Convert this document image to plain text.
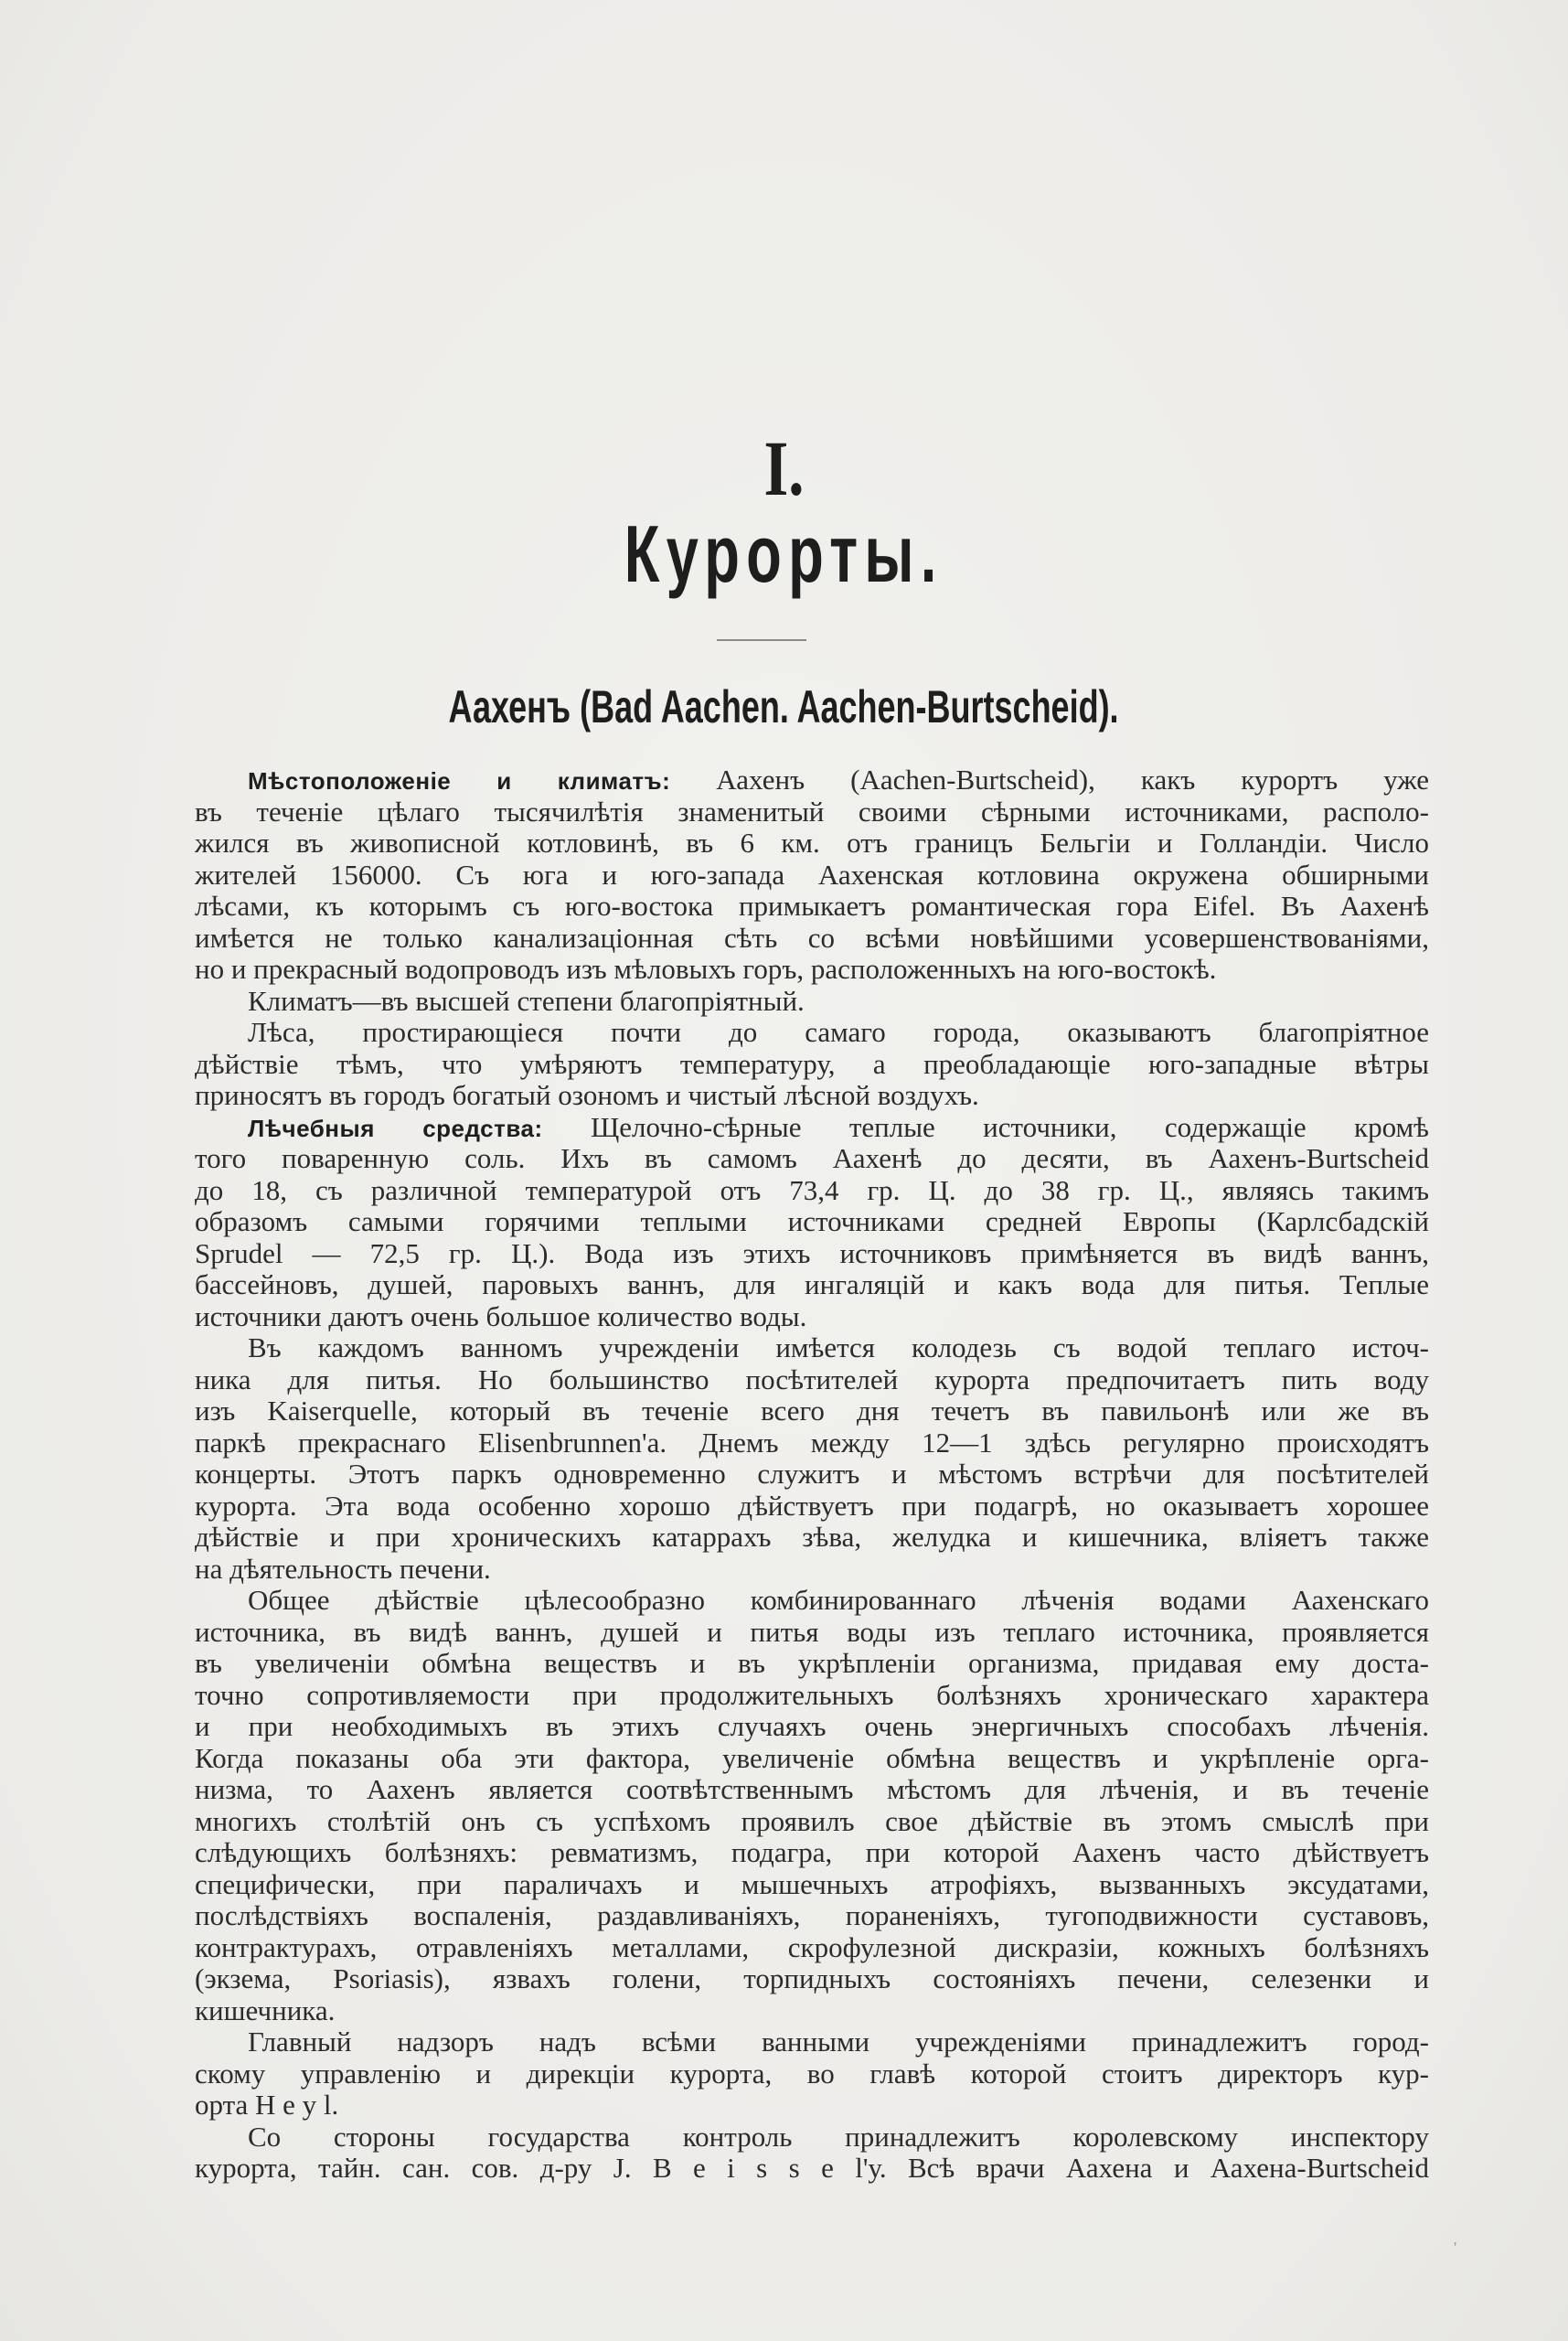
I.
Курорты.
Аахенъ (Bad Aachen. Aachen-Burtscheid).
Мѣстоположеніе и климатъ: Аахенъ (Aachen-Burtscheid), какъ курортъ уже
въ теченіе цѣлаго тысячилѣтія знаменитый своими сѣрными источниками, располо-
жился въ живописной котловинѣ, въ 6 км. отъ границъ Бельгіи и Голландіи. Число
жителей 156000. Съ юга и юго-запада Аахенская котловина окружена обширными
лѣсами, къ которымъ съ юго-востока примыкаетъ романтическая гора Eifel. Въ Аахенѣ
имѣется не только канализаціонная сѣть со всѣми новѣйшими усовершенствованіями,
но и прекрасный водопроводъ изъ мѣловыхъ горъ, расположенныхъ на юго-востокѣ.
Климатъ—въ высшей степени благопріятный.
Лѣса, простирающіеся почти до самаго города, оказываютъ благопріятное
дѣйствіе тѣмъ, что умѣряютъ температуру, а преобладающіе юго-западные вѣтры
приносятъ въ городъ богатый озономъ и чистый лѣсной воздухъ.
Лѣчебныя средства: Щелочно-сѣрные теплые источники, содержащіе кромѣ
того поваренную соль. Ихъ въ самомъ Аахенѣ до десяти, въ Аахенъ-Burtscheid
до 18, съ различной температурой отъ 73,4 гр. Ц. до 38 гр. Ц., являясь такимъ
образомъ самыми горячими теплыми источниками средней Европы (Карлсбадскій
Sprudel — 72,5 гр. Ц.). Вода изъ этихъ источниковъ примѣняется въ видѣ ваннъ,
бассейновъ, душей, паровыхъ ваннъ, для ингаляцій и какъ вода для питья. Теплые
источники даютъ очень большое количество воды.
Въ каждомъ ванномъ учрежденіи имѣется колодезь съ водой теплаго источ-
ника для питья. Но большинство посѣтителей курорта предпочитаетъ пить воду
изъ Kaiserquelle, который въ теченіе всего дня течетъ въ павильонѣ или же въ
паркѣ прекраснаго Elisenbrunnen'а. Днемъ между 12—1 здѣсь регулярно происходятъ
концерты. Этотъ паркъ одновременно служитъ и мѣстомъ встрѣчи для посѣтителей
курорта. Эта вода особенно хорошо дѣйствуетъ при подагрѣ, но оказываетъ хорошее
дѣйствіе и при хроническихъ катаррахъ зѣва, желудка и кишечника, вліяетъ также
на дѣятельность печени.
Общее дѣйствіе цѣлесообразно комбинированнаго лѣченія водами Аахенскаго
источника, въ видѣ ваннъ, душей и питья воды изъ теплаго источника, проявляется
въ увеличеніи обмѣна веществъ и въ укрѣпленіи организма, придавая ему доста-
точно сопротивляемости при продолжительныхъ болѣзняхъ хроническаго характера
и при необходимыхъ въ этихъ случаяхъ очень энергичныхъ способахъ лѣченія.
Когда показаны оба эти фактора, увеличеніе обмѣна веществъ и укрѣпленіе орга-
низма, то Аахенъ является соотвѣтственнымъ мѣстомъ для лѣченія, и въ теченіе
многихъ столѣтій онъ съ успѣхомъ проявилъ свое дѣйствіе въ этомъ смыслѣ при
слѣдующихъ болѣзняхъ: ревматизмъ, подагра, при которой Аахенъ часто дѣйствуетъ
специфически, при параличахъ и мышечныхъ атрофіяхъ, вызванныхъ эксудатами,
послѣдствіяхъ воспаленія, раздавливаніяхъ, пораненіяхъ, тугоподвижности суставовъ,
контрактурахъ, отравленіяхъ металлами, скрофулезной дискразіи, кожныхъ болѣзняхъ
(экзема, Psoriasis), язвахъ голени, торпидныхъ состояніяхъ печени, селезенки и
кишечника.
Главный надзоръ надъ всѣми ванными учрежденіями принадлежитъ город-
скому управленію и дирекціи курорта, во главѣ которой стоитъ директоръ кур-
орта H e y l.
Со стороны государства контроль принадлежитъ королевскому инспектору
курорта, тайн. сан. сов. д-ру J. B e i s s e l'у. Всѣ врачи Аахена и Аахена-Burtscheid
'
